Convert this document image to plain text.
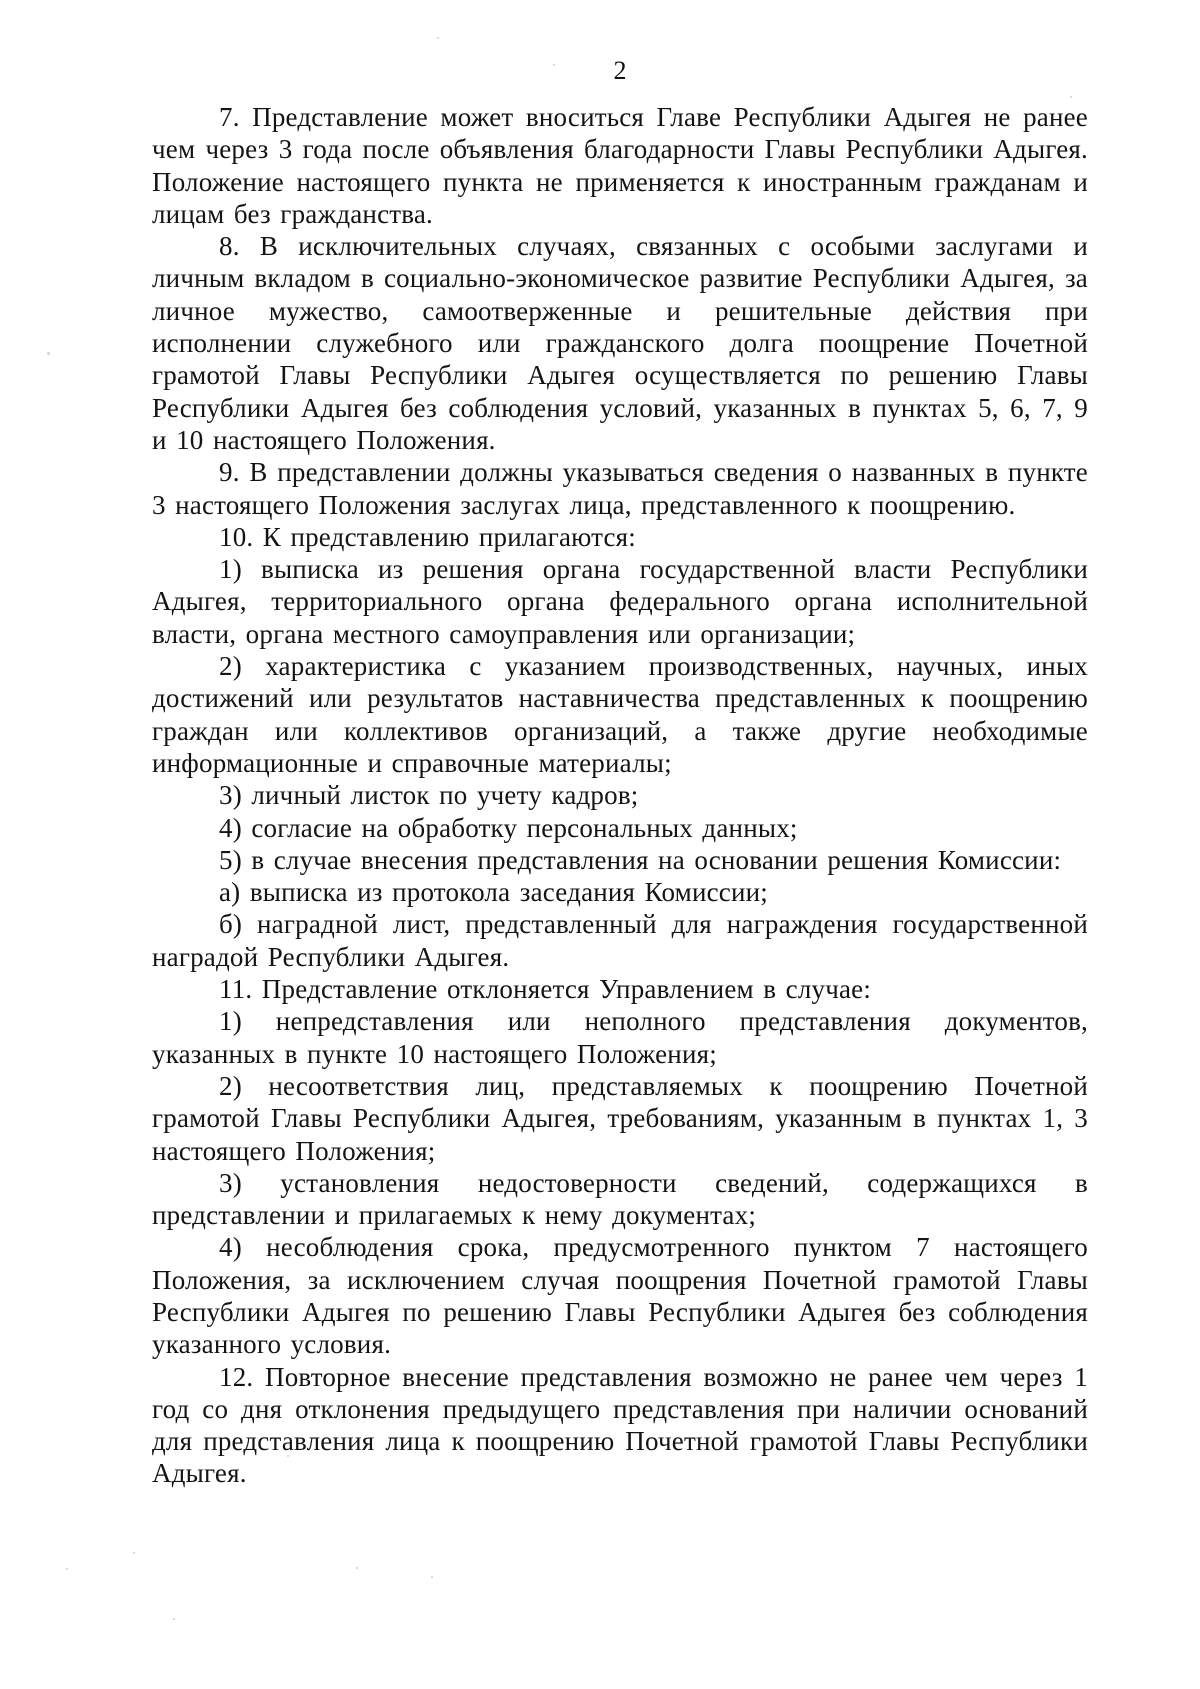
2

7. Представление может вноситься Главе Республики Адыгея не ранее чем через 3 года после объявления благодарности Главы Республики Адыгея. Положение настоящего пункта не применяется к иностранным гражданам и лицам без гражданства.

8. В исключительных случаях, связанных с особыми заслугами и личным вкладом в социально-экономическое развитие Республики Адыгея, за личное мужество, самоотверженные и решительные действия при исполнении служебного или гражданского долга поощрение Почетной грамотой Главы Республики Адыгея осуществляется по решению Главы Республики Адыгея без соблюдения условий, указанных в пунктах 5, 6, 7, 9 и 10 настоящего Положения.

9. В представлении должны указываться сведения о названных в пункте 3 настоящего Положения заслугах лица, представленного к поощрению.

10. К представлению прилагаются:

1) выписка из решения органа государственной власти Республики Адыгея, территориального органа федерального органа исполнительной власти, органа местного самоуправления или организации;

2) характеристика с указанием производственных, научных, иных достижений или результатов наставничества представленных к поощрению граждан или коллективов организаций, а также другие необходимые информационные и справочные материалы;

3) личный листок по учету кадров;

4) согласие на обработку персональных данных;

5) в случае внесения представления на основании решения Комиссии:

а) выписка из протокола заседания Комиссии;

б) наградной лист, представленный для награждения государственной наградой Республики Адыгея.

11. Представление отклоняется Управлением в случае:

1) непредставления или неполного представления документов, указанных в пункте 10 настоящего Положения;

2) несоответствия лиц, представляемых к поощрению Почетной грамотой Главы Республики Адыгея, требованиям, указанным в пунктах 1, 3 настоящего Положения;

3) установления недостоверности сведений, содержащихся в представлении и прилагаемых к нему документах;

4) несоблюдения срока, предусмотренного пунктом 7 настоящего Положения, за исключением случая поощрения Почетной грамотой Главы Республики Адыгея по решению Главы Республики Адыгея без соблюдения указанного условия.

12. Повторное внесение представления возможно не ранее чем через 1 год со дня отклонения предыдущего представления при наличии оснований для представления лица к поощрению Почетной грамотой Главы Республики Адыгея.
